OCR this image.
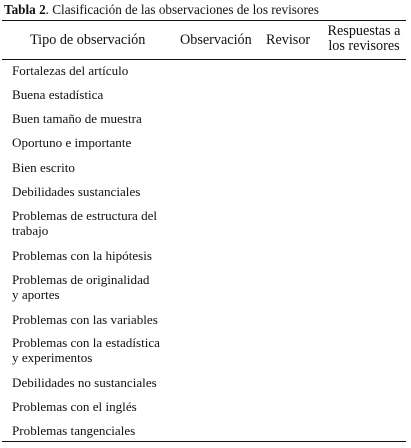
Tabla 2. Clasificación de las observaciones de los revisores
Tipo de observación Observación Revisor
Respuestas a
los revisores
Fortalezas del artículo
Buena estadística
Buen tamaño de muestra
Oportuno e importante
Bien escrito
Debilidades sustanciales
Problemas de estructura del
trabajo
Problemas con la hipótesis
Problemas de originalidad
y aportes
Problemas con las variables
Problemas con la estadística
y experimentos
Debilidades no sustanciales
Problemas con el inglés
Problemas tangenciales
